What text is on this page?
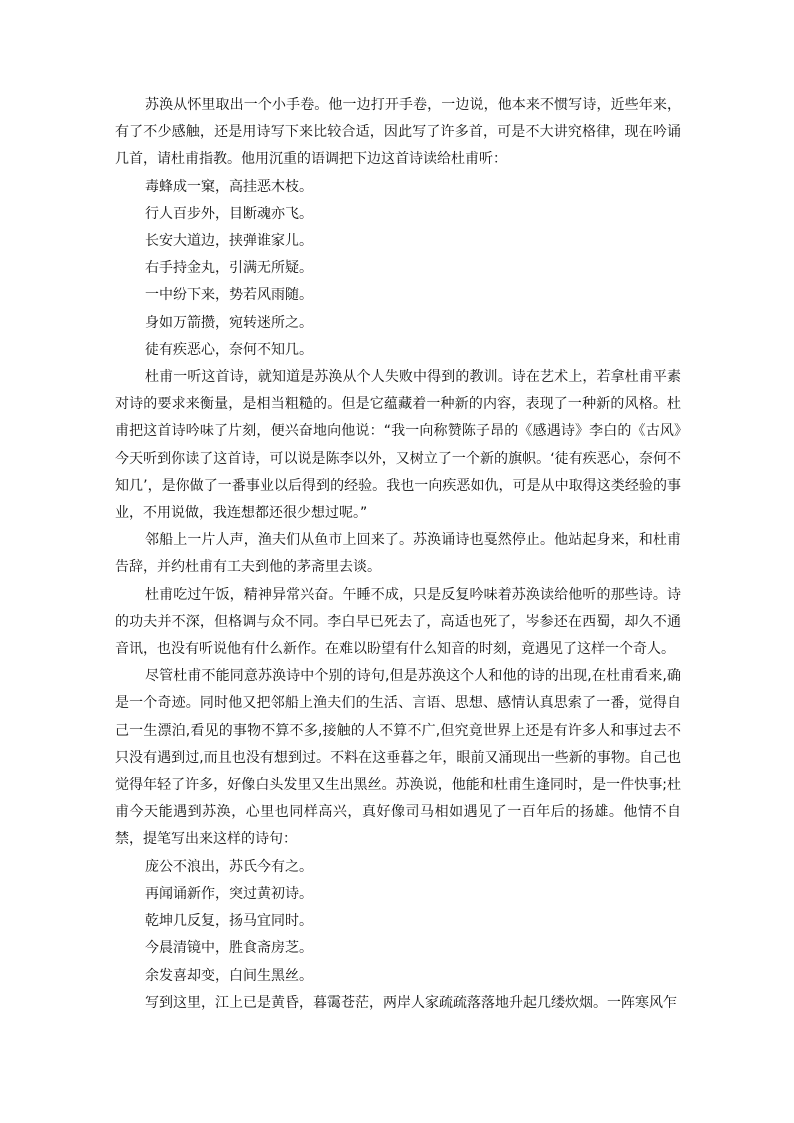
苏涣从怀里取出一个小手卷。他一边打开手卷，一边说，他本来不惯写诗，近些年来，有了不少感触，还是用诗写下来比较合适，因此写了许多首，可是不大讲究格律，现在吟诵几首，请杜甫指教。他用沉重的语调把下边这首诗读给杜甫听：

毒蜂成一窠，高挂恶木枝。

行人百步外，目断魂亦飞。

长安大道边，挟弹谁家儿。

右手持金丸，引满无所疑。

一中纷下来，势若风雨随。

身如万箭攒，宛转迷所之。

徒有疾恶心，奈何不知几。

杜甫一听这首诗，就知道是苏涣从个人失败中得到的教训。诗在艺术上，若拿杜甫平素对诗的要求来衡量，是相当粗糙的。但是它蕴藏着一种新的内容，表现了一种新的风格。杜甫把这首诗吟味了片刻，便兴奋地向他说：“我一向称赞陈子昂的《感遇诗》李白的《古风》今天听到你读了这首诗，可以说是陈李以外，又树立了一个新的旗帜。‘徒有疾恶心，奈何不知几’，是你做了一番事业以后得到的经验。我也一向疾恶如仇，可是从中取得这类经验的事业，不用说做，我连想都还很少想过呢。”

邻船上一片人声，渔夫们从鱼市上回来了。苏涣诵诗也戛然停止。他站起身来，和杜甫告辞，并约杜甫有工夫到他的茅斋里去谈。

杜甫吃过午饭，精神异常兴奋。午睡不成，只是反复吟味着苏涣读给他听的那些诗。诗的功夫并不深，但格调与众不同。李白早已死去了，高适也死了，岑参还在西蜀，却久不通音讯，也没有听说他有什么新作。在难以盼望有什么知音的时刻，竟遇见了这样一个奇人。

尽管杜甫不能同意苏涣诗中个别的诗句,但是苏涣这个人和他的诗的出现,在杜甫看来,确是一个奇迹。同时他又把邻船上渔夫们的生活、言语、思想、感情认真思索了一番，觉得自己一生漂泊,看见的事物不算不多,接触的人不算不广,但究竟世界上还是有许多人和事过去不只没有遇到过,而且也没有想到过。不料在这垂暮之年，眼前又涌现出一些新的事物。自己也觉得年轻了许多，好像白头发里又生出黑丝。苏涣说，他能和杜甫生逢同时，是一件快事;杜甫今天能遇到苏涣，心里也同样高兴，真好像司马相如遇见了一百年后的扬雄。他情不自禁，提笔写出来这样的诗句：

庞公不浪出，苏氏今有之。

再闻诵新作，突过黄初诗。

乾坤几反复，扬马宜同时。

今晨清镜中，胜食斋房芝。

余发喜却变，白间生黑丝。

写到这里，江上已是黄昏，暮霭苍茫，两岸人家疏疏落落地升起几缕炊烟。一阵寒风乍
